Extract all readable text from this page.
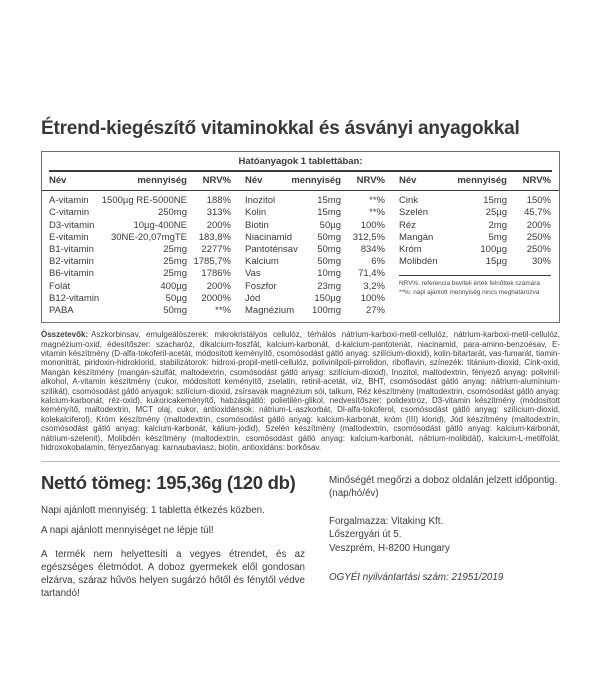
Étrend-kiegészítő vitaminokkal és ásványi anyagokkal
Hatóanyagok 1 tablettában:
Név	mennyiség	NRV% Név	mennyiség	NRV% Név	mennyiség	NRV%
A-vitamin	1500µg RE-5000NE	188%
C-vitamin	250mg	313%
D3-vitamin	10µg-400NE	200%
E-vitamin	30NE-20,07mgTE	183,8%
B1-vitamin	25mg	2277%
B2-vitamin	25mg 1785,7%
B6-vitamin	25mg	1786%
Folát	400µg	200%
B12-vitamin	50µg	2000%
PABA	50mg	**%
Inozitol	15mg	**%
Kolin	15mg	**%
Biotin	50µg	100%
Niacinamid	50mg	312,5%
Pantoténsav	50mg	834%
Kalcium	50mg	6%
Vas	10mg	71,4%
Foszfor	23mg	3,2%
Jód	150µg	100%
Magnézium	100mg	27%
Cink	15mg	150%
Szelén	25µg	45,7%
Réz	2mg	200%
Mangán	5mg	250%
Króm	100µg	250%
Molibdén	15µg	30%
NRV%: referencia beviteli érték felnőttek számára
**%: napi ajánlott mennyiség nincs meghatározva
Összetevők: Aszkorbinsav, emulgeálószerek: mikrokristályos cellulóz, térhálós nátrium-karboxi-metil-cellulóz, nátrium-karboxi-metil-cellulóz, magnézium-oxid, édesítőszer: szacharóz, dikalcium-foszfát, kalcium-karbonát, d-kalcium-pantotenát, niacinamid, para-amino-benzoésav, E-vitamin készítmény (D-alfa-tokoferil-acetát, módosított keményítő, csomósodást gátló anyag: szilícium-dioxid), kolin-bitartarát, vas-fumarát, tiamin-mononitrát, piridoxin-hidroklorid, stabilizátorok: hidroxi-propil-metil-cellulóz, polivinilpoli-pirrolidon, riboflavin, színezék: titánium-dioxid, Cink-oxid, Mangán készítmény (mangán-szulfát, maltodextrin, csomósodást gátló anyag: szilícium-dioxid), Inozitol, maltodextrin, fényező anyag: polivinil-alkohol, A-vitamin készítmény (cukor, módosított keményítő, zselatin, retinil-acetát, víz, BHT, csomósodást gátló anyag: nátrium-alumínium-szilikát), csomósodást gátló anyagok: szilícium-dioxid, zsírsavak magnézium sói, talkum, Réz készítmény (maltodextrin, csomósodást gátló anyag: kalcium-karbonát, réz-oxid), kukoricakeményítő, habzásgátló: polietilén-glikol, nedvesítőszer: polidextróz, D3-vitamin készítmény (módosított keményítő, maltodextrin, MCT olaj, cukor, antioxidánsok: nátrium-L-aszkorbát, Dl-alfa-tokoferol, csomósodást gátló anyag: szilícium-dioxid, kolekalciferol), Króm készítmény (maltodextrin, csomósodást gátló anyag: kalcium-karbonát, króm (III) klorid), Jód készítmény (maltodextrin, csomósodást gátló anyag: kalcium-karbonát, kálium-jodid), Szelén készítmény (maltodextrin, csomósodást gátló anyag: kalcium-karbonát, nátrium-szelenit), Molibdén készítmény (maltodextrin, csomósodást gátló anyag: kalcium-karbonát, nátrium-molibdát), kalcium-L-metilfolát, hidroxokobalamin, fényezőanyag: karnaubaviasz, biotin, antioxidáns: borkősav.
Nettó tömeg: 195,36g (120 db)
Napi ajánlott mennyiség: 1 tabletta étkezés közben.
A napi ajánlott mennyiséget ne lépje túl!
A termék nem helyettesíti a vegyes étrendet, és az egészséges életmódot. A doboz gyermekek elől gondosan elzárva, száraz hűvös helyen sugárzó hőtől és fénytől védve tartandó!
Minőségét megőrzi a doboz oldalán jelzett időpontig.
(nap/hó/év)
Forgalmazza: Vitaking Kft.
Lőszergyári út 5.
Veszprém, H-8200 Hungary
OGYÉI nyilvántartási szám: 21951/2019
